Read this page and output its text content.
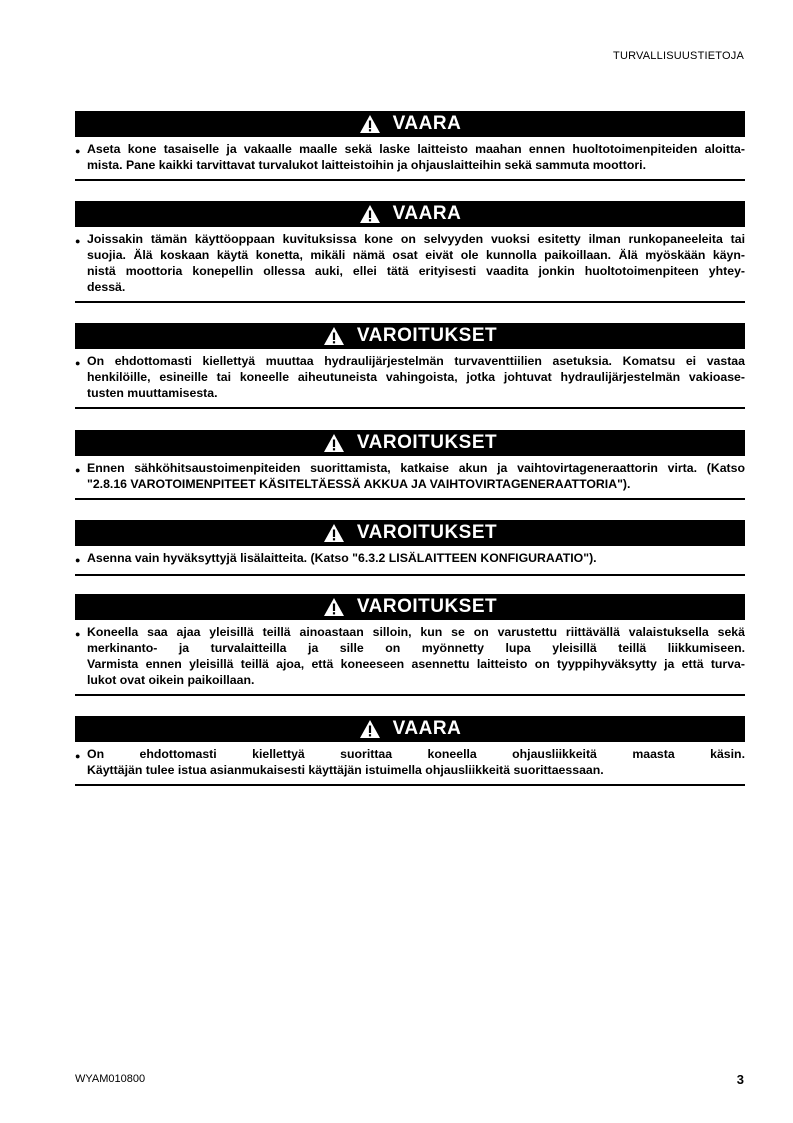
TURVALLISUUSTIETOJA
VAARA
● Aseta kone tasaiselle ja vakaalle maalle sekä laske laitteisto maahan ennen huoltotoimenpiteiden aloitta-
mista. Pane kaikki tarvittavat turvalukot laitteistoihin ja ohjauslaitteihin sekä sammuta moottori.
VAARA
● Joissakin tämän käyttöoppaan kuvituksissa kone on selvyyden vuoksi esitetty ilman runkopaneeleita tai
suojia. Älä koskaan käytä konetta, mikäli nämä osat eivät ole kunnolla paikoillaan. Älä myöskään käyn-
nistä moottoria konepellin ollessa auki, ellei tätä erityisesti vaadita jonkin huoltotoimenpiteen yhtey-
dessä.
VAROITUKSET
● On ehdottomasti kiellettyä muuttaa hydraulijärjestelmän turvaventtiilien asetuksia. Komatsu ei vastaa
henkilöille, esineille tai koneelle aiheutuneista vahingoista, jotka johtuvat hydraulijärjestelmän vakioase-
tusten muuttamisesta.
VAROITUKSET
● Ennen sähköhitsaustoimenpiteiden suorittamista, katkaise akun ja vaihtovirtageneraattorin virta. (Katso
"2.8.16 VAROTOIMENPITEET KÄSITELTÄESSÄ AKKUA JA VAIHTOVIRTAGENERAATTORIA").
VAROITUKSET
● Asenna vain hyväksyttyjä lisälaitteita. (Katso "6.3.2 LISÄLAITTEEN KONFIGURAATIO").
VAROITUKSET
● Koneella saa ajaa yleisillä teillä ainoastaan silloin, kun se on varustettu riittävällä valaistuksella sekä
merkinanto- ja turvalaitteilla ja sille on myönnetty lupa yleisillä teillä liikkumiseen.
Varmista ennen yleisillä teillä ajoa, että koneeseen asennettu laitteisto on tyyppihyväksytty ja että turva-
lukot ovat oikein paikoillaan.
VAARA
● On ehdottomasti kiellettyä suorittaa koneella ohjausliikkeitä maasta käsin.
Käyttäjän tulee istua asianmukaisesti käyttäjän istuimella ohjausliikkeitä suorittaessaan.
WYAM010800	3
